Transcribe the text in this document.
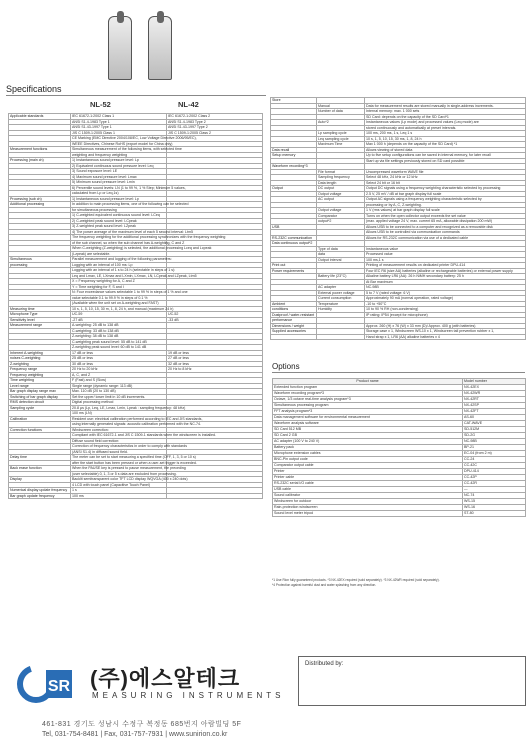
Specifications
NL-52	NL-42
Applicable standards	IEC 61672-1:2002 Class 1	IEC 61672-1:2002 Class 2
	ANSI S1.4-1983 Type 1	ANSI S1.4-1983 Type 2
	ANSI S1.43-1997 Type 1	ANSI S1.43-1997 Type 2
	JIS C 1509-1:2005 Class 1	JIS C 1509-1:2005 Class 2
	CE Marking (EMC Directive 2004/108/EC, Low Voltage Directive 2006/95/EC),	
	WEEE Directives, Chinese RoHS (export model for China only)	
Measurement functions	Simultaneous measurement of the following items, with selected time	
	weighting and frequency weighting	
Processing (main ch)	1) Instantaneous sound pressure level: Lp	
	2) Equivalent continuous sound pressure level: Leq	
	3) Sound exposure level: LE	
	4) Maximum sound pressure level: Lmax	
	5) Minimum sound pressure level: Lmin	
	6) Percentile sound levels: LN (1 to 99 %, 1 % Step; Minimum 5 values,	
	calculated from Lp or Leq,1s)	
Processing (sub ch)	1) Instantaneous sound pressure level: Lp	
Additional processing	In addition to main processing items, one of the following can be selected	
	for simultaneous processing	
	1) C-weighted equivalent continuous sound level: LCeq	
	2) C-weighted peak sound level: LCpeak	
	3) Z-weighted peak sound level: LZpeak	
	4) The power average of the maximum level of each 5 second interval: Ltm5	
	The frequency weighting for the additional processing synchronizes with the frequency weighting	
	of the sub channel, so when the sub channel has A-weighting, C and Z	
	When C-weighting (Z-weighting) is selected, the additional processing Lceq and Lcpeak	
	(Lzpeak) are selectable.	
Simultaneous	Parallel measurement and logging of the following parameters:	
processing	Logging with an interval of 100 ms: Lp	
	Logging with an interval of 1 s to 24 h (selectable in steps of 1 s):	
	Leq and Lmax, LE, LXmax and LXmin, LXmax, LN, LCpeak and LZpeak, Ltm5	
	X = Frequency weighting for A, C and Z	
	Y = Time weighting for F, S and I	
	N: Four exceedance values selectable 1 to 99 % in steps of 1 % and one	
	value selectable 0.1 to 99.9 % in steps of 0.1 %	
	(Available when the unit set on A-weighting and FAST)	
Measuring time	10 s, 1, 5, 10, 15, 30 m, 1, 8, 24 h, and manual (maximum 24 h)	
Microphone Type	UC-59	UC-52
Sensitivity level	-27 dB	-33 dB
Measurement range	A-weighting: 25 dB to 138 dB	
	C-weighting: 33 dB to 138 dB	
	Z-weighting: 38 dB to 138 dB	
	C-weighting peak sound level: 55 dB to 141 dB	
	Z-weighting peak sound level: 60 dB to 141 dB	
Inherent A-weighting	17 dB or less	19 dB or less
noises C-weighting	25 dB or less	27 dB or less
Z-weighting	30 dB or less	32 dB or less
Frequency range	20 Hz to 20 kHz	20 Hz to 8 kHz
Frequency weighting	A, C, and Z	
Time weighting	F (Fast) and S (Slow)	
Level range	Single range (dynamic range: 113 dB)	
Bar graph display range max	Max. 110 dB (20 to 130 dB)	
Switching of bar graph display	Set the upper/ lower limit in 10 dB increments.	
RMS detection circuit	Digital processing method	
Sampling cycle	20.8 μs (Lp, Leq, LE, Lmax, Lmin, Lpeak : sampling frequency: 48 kHz)	
	100 ms (LN)	
Calibration	Resident use: electrical calibration performed according to IEC and JIS standards,	
	using internally generated signals: acoustic calibration performed with the NC-74.	
Correction functions	Windscreen correction:	
	Compliant with IEC 61672-1 and JIS C 1509-1 standards when the windscreen is installed.	
	Diffuse sound field correction:	
	Correction of frequency characteristics in order to comply with standards	
	(ANSI S1.4) in diffused sound field.	
Delay time	The meter can be set to start measuring a specified time (OFF, 1, 3, 5 or 10 s)	
	after the start button has been pressed or when a user-set trigger is exceeded.	
Back erase function	When the PAUSE key is pressed to pause measurement, the preceding	
	(user selectable) 0, 1, 3 or 5 s data are excluded from processing.	
Display	Backlit semitransparent color TFT LCD display WQVGA (400 x 240 dots)	
	4 LCD with touch panel (Capacitive Touch Panel)	
Numerical display update frequency	1 s	
Bar graph update frequency	100 ms	
Store		
	Manual	Data for measurement results are stored manually in single-address increments.
	Number of data	Internal memory: max. 1 000 sets
		SD Card: depends on the capacity of the SD Card*1
	Auto*2	Instantaneous values (Lp mode) and processed values (Leq mode) are
		stored continuously and automatically at preset intervals.
	Lp sampling cycle	100 ms, 200 ms, 1 s, Leq 1 s
	Leq sampling cycle	10 s, 1, 5, 10, 15, 30 ms, 1, 8, 24 h
	Maximum Time	Max 1 000 h (depends on the capacity of the SD Card) *1
Data recall		Allows viewing of stored data
Setup memory		Up to five setup configurations can be saved in internal memory, for later recall
		Start up via file settings previously stored on SD card possible
Waveform recording*3		
	File format	Uncompressed waveform WAVE file
	Sampling frequency	Select 48 kHz, 24 kHz or 12 kHz
	Data length	Select 24 bit or 16 bit
Output	DC output	Output DC signals using a frequency weighting characteristic selected by processing
	Output voltage	2.5 V, 25 mV / dB at bar graph display full scale
	AC output	Output AC signals using a frequency weighting characteristic selected by
		processing or by A, C, Z-weighting.
	Output voltage	1 V (rms values) at bar graph display full scale
	Comparator	Turns on when the open collector output exceeds the set value
	output*2	(max. applied voltage 24 V, max. current 65 mA, allowable dissipation 200 mW)
USB		Allows USB to be connected to a computer and recognized as a removable disk
		Allows USB to be controlled via communication commands
RS-232C communication		Allows for RS-232C communication via use of a dedicated cable
Data continuous output*2		
	Type of data	Instantaneous value
	data	Processed value
	Output interval	100 ms,1 s
Print out		Printing of measurement results on dedicated printer DPU-414
Power requirements		Four IEC R6 (size AA) batteries (alkaline or rechargeable batteries) or external power supply
	Battery life (23°C)	Alkaline battery LR6 (AA): 26 h NiMH secondary battery: 25 h
		At Bar maximum
	AC adapter	NC-98B
	External power voltage	5 to 7 V (rated voltage: 6 V)
	Current consumption	Approximately 90 mA (normal operation, rated voltage)
Ambient	Temperature	-10 to +50°C
conditions	Humidity	10 to 90 % RH (non-condensing)
Dustproof / water-resistant		IP rating: IP54 (except for microphone)
performance		
Dimensions / weight		Approx. 260 (H) x 76 (W) x 33 mm (D)/ Approx. 400 g (with batteries)
Supplied accessories		Storage case x 1, Windscreen WS-10 x 1, Windscreen tall prevention rubber x 1,
		Hand strap x 1, LR6 (AA) alkaline batteries x 4
Options
Product name	Model number
Extended function program	NX-42EX
Waveform recording program*3	NX-42WR
Octave, 1/3 octave real-time analysis program*3	NX-42RT
Simultaneous processing program	NX-42SP
FFT analysis program*3	NX-42FT
Data management software for environmental measurement	AS-60
Waveform analysis software	CAT-WAVE
SD Card 512 MB	SD-512M
SD Card 2 GB	SD-2G
AC adapter (100 V to 240 V)	NC-98B
Battery pack	BP-21
Microphone extension cables	EC-04 (from 2 m)
BNC-Pin output code	CC-24
Comparator output cable	CC-42C
Printer	DPU-414
Printer cable	CC-42P
RS-232C serial I/O cable	CC-42R
USB cable	—
Sound calibrator	NC-74
Windscreen for outdoor	WS-15
Rain-protection windscreen	WS-16
Sound level meter tripod	ST-80
*1 Use Rion fully guaranteed products. *3 NX-42EX required (sold separately). *3 NX-42WR required (sold separately).
*4 Protection against harmful dust and water splashing from any direction.
SR (주)에스알테크
MEASURING INSTRUMENTS
Distributed by:
461-831 경기도 성남시 수정구 복정동 685번지 아람빌딩 5F
Tel, 031-754-8481 | Fax, 031-757-7931 | www.sunirion.co.kr
